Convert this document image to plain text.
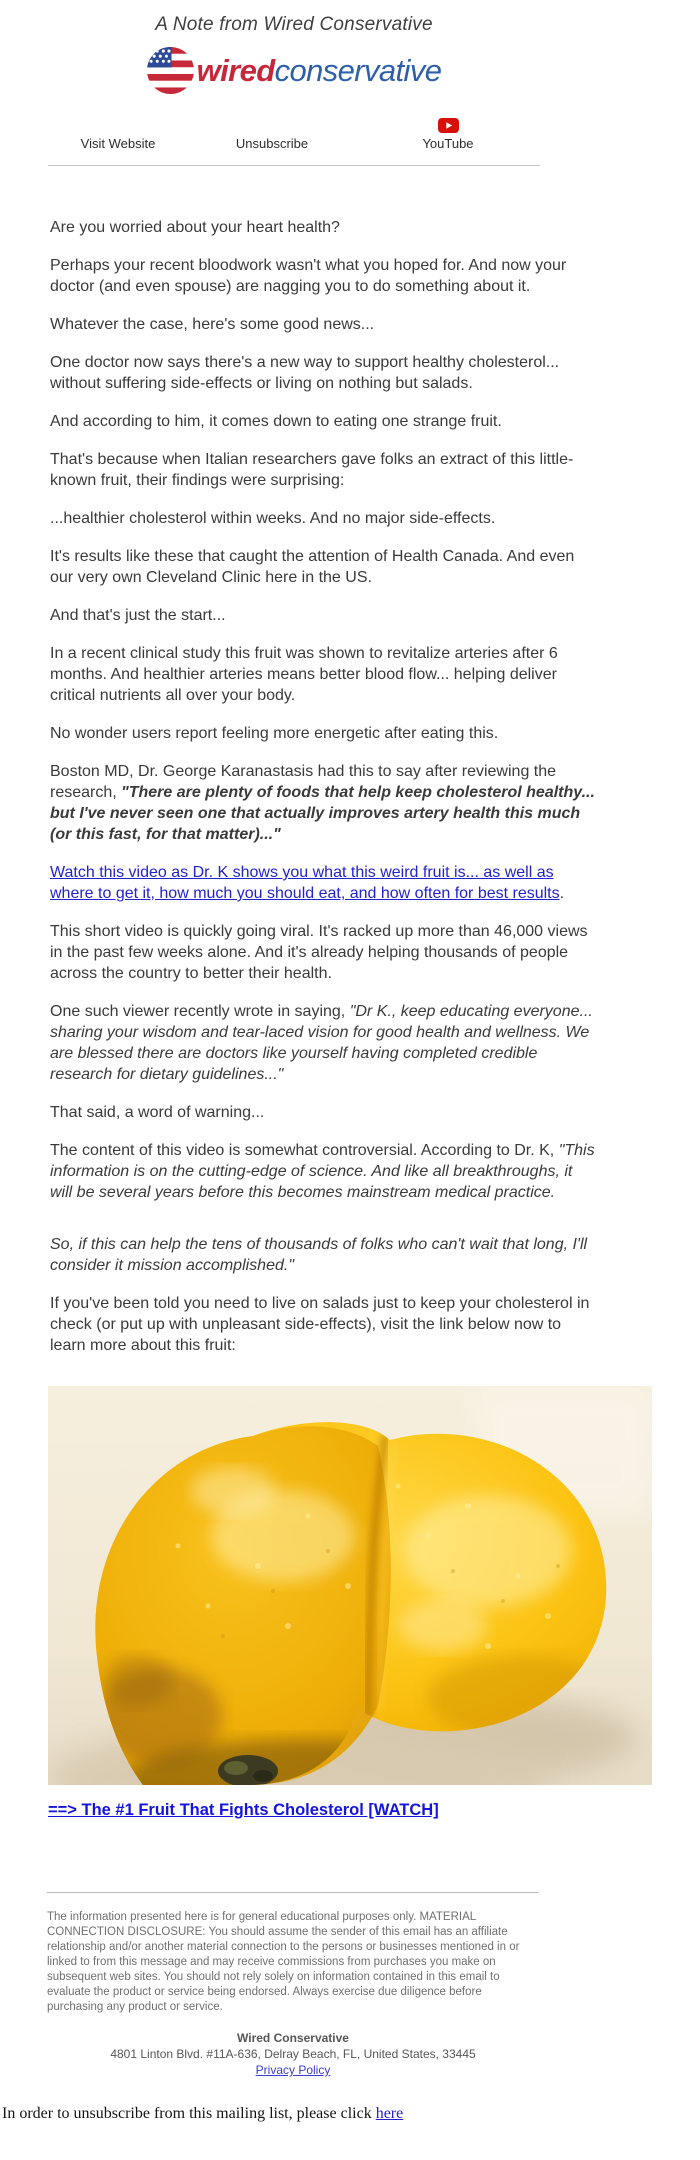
A Note from Wired Conservative
wiredconservative
Visit Website	Unsubscribe	YouTube

Are you worried about your heart health?

Perhaps your recent bloodwork wasn't what you hoped for. And now your doctor (and even spouse) are nagging you to do something about it.

Whatever the case, here's some good news...

One doctor now says there's a new way to support healthy cholesterol... without suffering side-effects or living on nothing but salads.

And according to him, it comes down to eating one strange fruit.

That's because when Italian researchers gave folks an extract of this little-known fruit, their findings were surprising:

...healthier cholesterol within weeks. And no major side-effects.

It's results like these that caught the attention of Health Canada. And even our very own Cleveland Clinic here in the US.

And that's just the start...

In a recent clinical study this fruit was shown to revitalize arteries after 6 months. And healthier arteries means better blood flow... helping deliver critical nutrients all over your body.

No wonder users report feeling more energetic after eating this.

Boston MD, Dr. George Karanastasis had this to say after reviewing the research, "There are plenty of foods that help keep cholesterol healthy... but I've never seen one that actually improves artery health this much (or this fast, for that matter)..."

Watch this video as Dr. K shows you what this weird fruit is... as well as where to get it, how much you should eat, and how often for best results.

This short video is quickly going viral. It's racked up more than 46,000 views in the past few weeks alone. And it's already helping thousands of people across the country to better their health.

One such viewer recently wrote in saying, "Dr K., keep educating everyone... sharing your wisdom and tear-laced vision for good health and wellness. We are blessed there are doctors like yourself having completed credible research for dietary guidelines..."

That said, a word of warning...

The content of this video is somewhat controversial. According to Dr. K, "This information is on the cutting-edge of science. And like all breakthroughs, it will be several years before this becomes mainstream medical practice.

So, if this can help the tens of thousands of folks who can't wait that long, I'll consider it mission accomplished."

If you've been told you need to live on salads just to keep your cholesterol in check (or put up with unpleasant side-effects), visit the link below now to learn more about this fruit:

==> The #1 Fruit That Fights Cholesterol [WATCH]
The information presented here is for general educational purposes only. MATERIAL CONNECTION DISCLOSURE: You should assume the sender of this email has an affiliate relationship and/or another material connection to the persons or businesses mentioned in or linked to from this message and may receive commissions from purchases you make on subsequent web sites. You should not rely solely on information contained in this email to evaluate the product or service being endorsed. Always exercise due diligence before purchasing any product or service.
Wired Conservative
4801 Linton Blvd. #11A-636, Delray Beach, FL, United States, 33445
Privacy Policy
In order to unsubscribe from this mailing list, please click here
